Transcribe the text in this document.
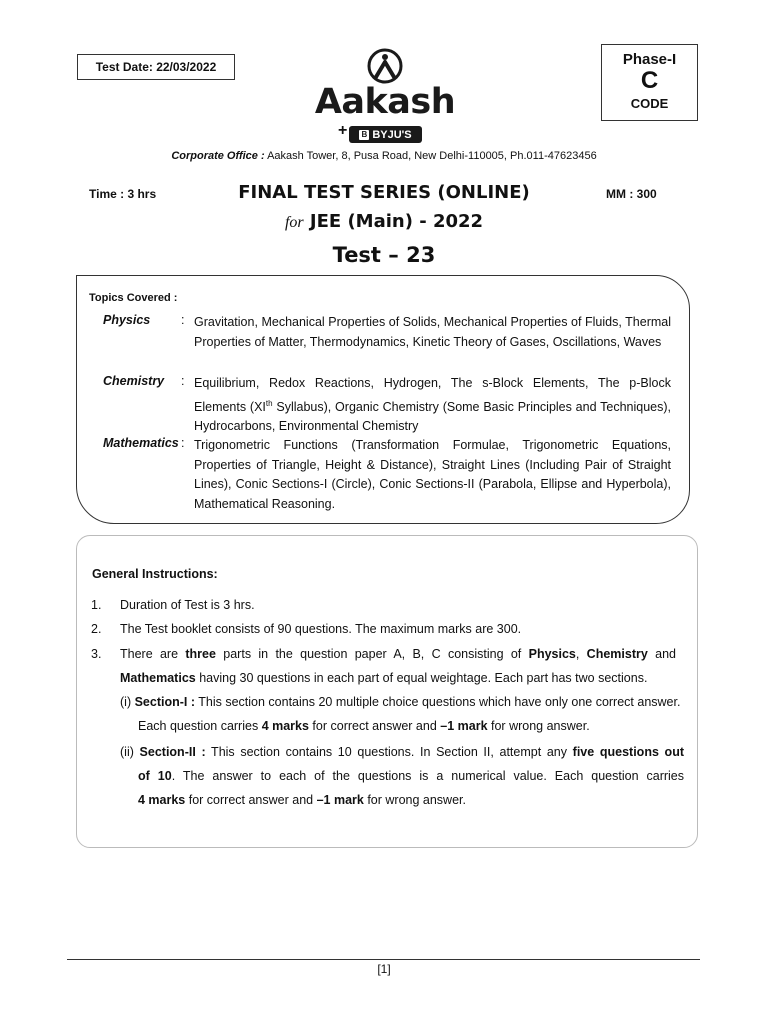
Test Date: 22/03/2022
Aakash
+ B BYJU'S
Phase-I
C
CODE
Corporate Office : Aakash Tower, 8, Pusa Road, New Delhi-110005, Ph.011-47623456
Time : 3 hrs	MM : 300
FINAL TEST SERIES (ONLINE)
for JEE (Main) - 2022
Test – 23
Topics Covered :
Physics : Gravitation, Mechanical Properties of Solids, Mechanical Properties of Fluids, Thermal Properties of Matter, Thermodynamics, Kinetic Theory of Gases, Oscillations, Waves
Chemistry : Equilibrium, Redox Reactions, Hydrogen, The s-Block Elements, The p-Block Elements (XIth Syllabus), Organic Chemistry (Some Basic Principles and Techniques), Hydrocarbons, Environmental Chemistry
Mathematics : Trigonometric Functions (Transformation Formulae, Trigonometric Equations, Properties of Triangle, Height & Distance), Straight Lines (Including Pair of Straight Lines), Conic Sections-I (Circle), Conic Sections-II (Parabola, Ellipse and Hyperbola), Mathematical Reasoning.
General Instructions:
1. Duration of Test is 3 hrs.
2. The Test booklet consists of 90 questions. The maximum marks are 300.
3. There are three parts in the question paper A, B, C consisting of Physics, Chemistry and
Mathematics having 30 questions in each part of equal weightage. Each part has two sections.
(i) Section-I : This section contains 20 multiple choice questions which have only one correct answer.
Each question carries 4 marks for correct answer and –1 mark for wrong answer.
(ii) Section-II : This section contains 10 questions. In Section II, attempt any five questions out
of 10. The answer to each of the questions is a numerical value. Each question carries
4 marks for correct answer and –1 mark for wrong answer.
[1]
